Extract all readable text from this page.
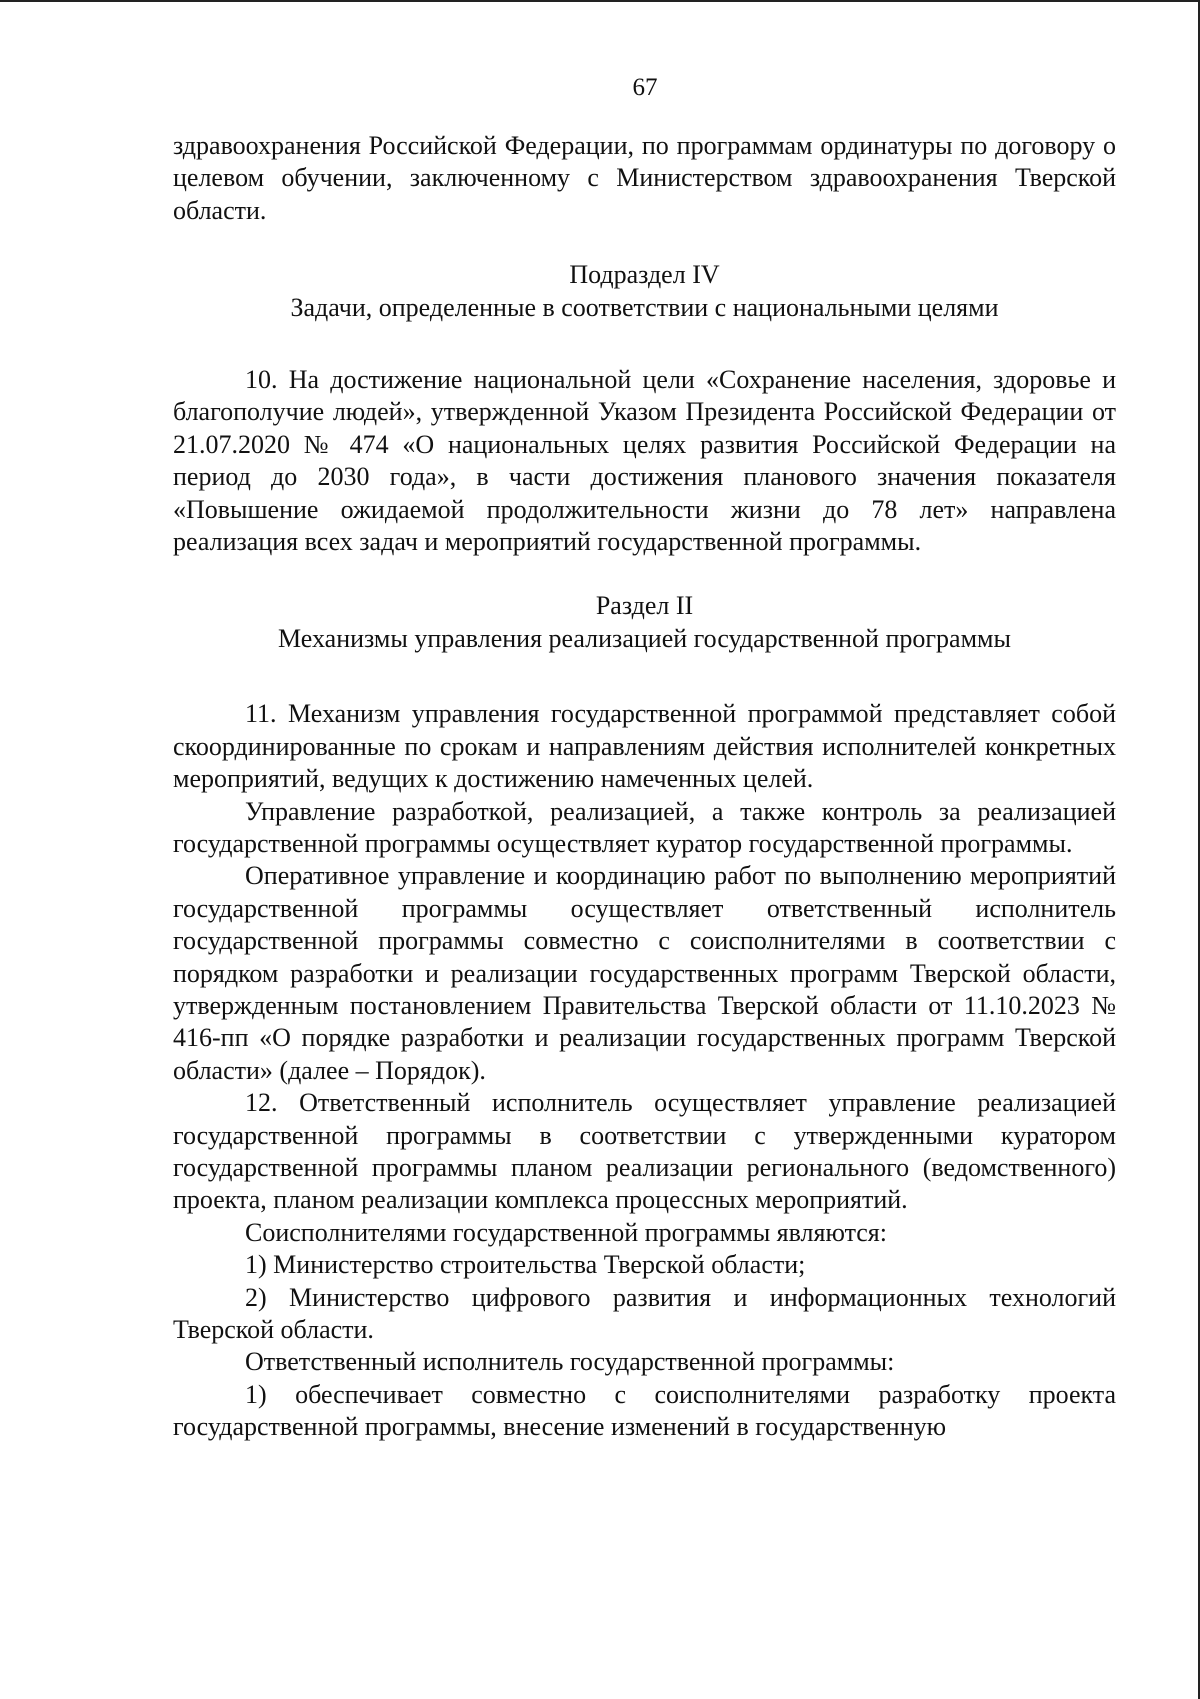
67

здравоохранения Российской Федерации, по программам ординатуры по договору о целевом обучении, заключенному с Министерством здравоохранения Тверской области.

Подраздел IV
Задачи, определенные в соответствии с национальными целями

10. На достижение национальной цели «Сохранение населения, здоровье и благополучие людей», утвержденной Указом Президента Российской Федерации от 21.07.2020 № 474 «О национальных целях развития Российской Федерации на период до 2030 года», в части достижения планового значения показателя «Повышение ожидаемой продолжительности жизни до 78 лет» направлена реализация всех задач и мероприятий государственной программы.

Раздел II
Механизмы управления реализацией государственной программы

11. Механизм управления государственной программой представляет собой скоординированные по срокам и направлениям действия исполнителей конкретных мероприятий, ведущих к достижению намеченных целей.

Управление разработкой, реализацией, а также контроль за реализацией государственной программы осуществляет куратор государственной программы.

Оперативное управление и координацию работ по выполнению мероприятий государственной программы осуществляет ответственный исполнитель государственной программы совместно с соисполнителями в соответствии с порядком разработки и реализации государственных программ Тверской области, утвержденным постановлением Правительства Тверской области от 11.10.2023 № 416-пп «О порядке разработки и реализации государственных программ Тверской области» (далее – Порядок).

12. Ответственный исполнитель осуществляет управление реализацией государственной программы в соответствии с утвержденными куратором государственной программы планом реализации регионального (ведомственного) проекта, планом реализации комплекса процессных мероприятий.

Соисполнителями государственной программы являются:

1) Министерство строительства Тверской области;

2) Министерство цифрового развития и информационных технологий Тверской области.

Ответственный исполнитель государственной программы:

1) обеспечивает совместно с соисполнителями разработку проекта государственной программы, внесение изменений в государственную
